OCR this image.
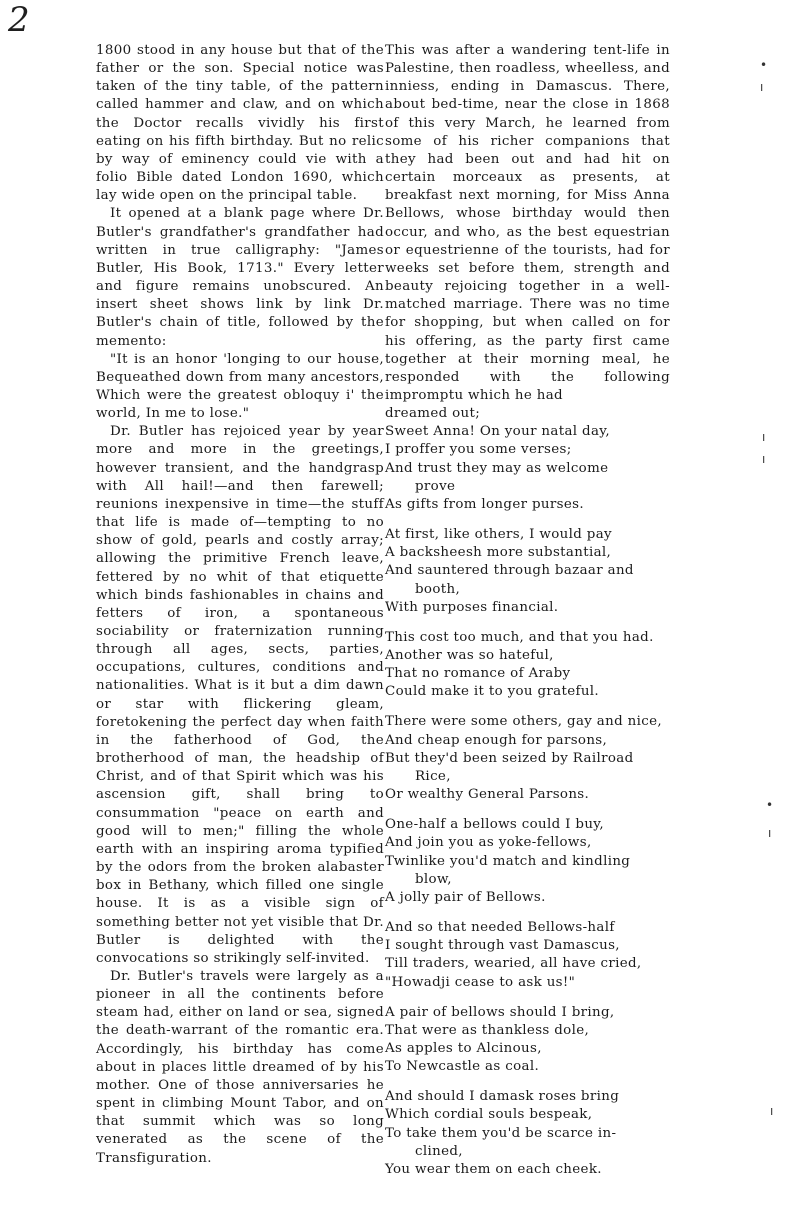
2

1800 stood in any house but that of the father or the son. Special notice was taken of the tiny table, of the pattern called hammer and claw, and on which the Doctor recalls vividly his first eating on his fifth birthday. But no relic by way of eminency could vie with a folio Bible dated London 1690, which lay wide open on the principal table.

It opened at a blank page where Dr. Butler's grandfather's grandfather had written in true calligraphy: "James Butler, His Book, 1713." Every letter and figure remains unobscured. An insert sheet shows link by link Dr. Butler's chain of title, followed by the memento:

"It is an honor 'longing to our house, Bequeathed down from many ancestors, Which were the greatest obloquy i' the world, In me to lose."

Dr. Butler has rejoiced year by year more and more in the greetings, however transient, and the handgrasp with All hail!—and then farewell; reunions inexpensive in time—the stuff that life is made of—tempting to no show of gold, pearls and costly array; allowing the primitive French leave, fettered by no whit of that etiquette which binds fashionables in chains and fetters of iron, a spontaneous sociability or fraternization running through all ages, sects, parties, occupations, cultures, conditions and nationalities. What is it but a dim dawn or star with flickering gleam, foretokening the perfect day when faith in the fatherhood of God, the brotherhood of man, the headship of Christ, and of that Spirit which was his ascension gift, shall bring to consummation "peace on earth and good will to men;" filling the whole earth with an inspiring aroma typified by the odors from the broken alabaster box in Bethany, which filled one single house. It is as a visible sign of something better not yet visible that Dr. Butler is delighted with the convocations so strikingly self-invited.

Dr. Butler's travels were largely as a pioneer in all the continents before steam had, either on land or sea, signed the death-warrant of the romantic era. Accordingly, his birthday has come about in places little dreamed of by his mother. One of those anniversaries he spent in climbing Mount Tabor, and on that summit which was so long venerated as the scene of the Transfiguration.

This was after a wandering tent-life in Palestine, then roadless, wheelless, and inniess, ending in Damascus. There, about bed-time, near the close in 1868 of this very March, he learned from some of his richer companions that they had been out and had hit on certain morceaux as presents, at breakfast next morning, for Miss Anna Bellows, whose birthday would then occur, and who, as the best equestrian or equestrienne of the tourists, had for weeks set before them, strength and beauty rejoicing together in a well-matched marriage. There was no time for shopping, but when called on for his offering, as the party first came together at their morning meal, he responded with the following impromptu which he had

dreamed out;

Sweet Anna! On your natal day,

I proffer you some verses;

And trust they may as welcome

prove

As gifts from longer purses.

At first, like others, I would pay

A backsheesh more substantial,

And sauntered through bazaar and

booth,

With purposes financial.

This cost too much, and that you had.

Another was so hateful,

That no romance of Araby

Could make it to you grateful.

There were some others, gay and nice,

And cheap enough for parsons,

But they'd been seized by Railroad

Rice,

Or wealthy General Parsons.

One-half a bellows could I buy,

And join you as yoke-fellows,

Twinlike you'd match and kindling

blow,

A jolly pair of Bellows.

And so that needed Bellows-half

I sought through vast Damascus,

Till traders, wearied, all have cried,

"Howadji cease to ask us!"

A pair of bellows should I bring,

That were as thankless dole,

As apples to Alcinous,

To Newcastle as coal.

And should I damask roses bring

Which cordial souls bespeak,

To take them you'd be scarce in-

clined,

You wear them on each cheek.

•
ı
ı
ı
•
ı
ı
